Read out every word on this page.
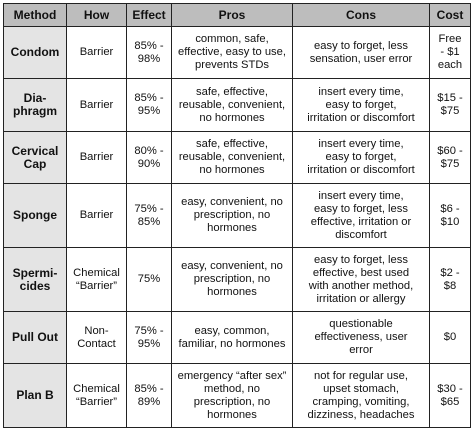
Method	How	Effect	Pros	Cons	Cost

Condom	Barrier	85% -
98%	common, safe,
effective, easy to use,
prevents STDs	easy to forget, less
sensation, user error	Free
- $1
each

Dia-
phragm	Barrier	85% -
95%	safe, effective,
reusable, convenient,
no hormones	insert every time,
easy to forget,
irritation or discomfort	$15 -
$75

Cervical
Cap	Barrier	80% -
90%	safe, effective,
reusable, convenient,
no hormones	insert every time,
easy to forget,
irritation or discomfort	$60 -
$75

Sponge	Barrier	75% -
85%	easy, convenient, no
prescription, no
hormones	insert every time,
easy to forget, less
effective, irritation or
discomfort	$6 -
$10

Spermi-
cides	Chemical
“Barrier”	75%	easy, convenient, no
prescription, no
hormones	easy to forget, less
effective, best used
with another method,
irritation or allergy	$2 -
$8

Pull Out	Non-
Contact	75% -
95%	easy, common,
familiar, no hormones	questionable
effectiveness, user
error	$0

Plan B	Chemical
“Barrier”	85% -
89%	emergency “after sex”
method, no
prescription, no
hormones	not for regular use,
upset stomach,
cramping, vomiting,
dizziness, headaches	$30 -
$65
